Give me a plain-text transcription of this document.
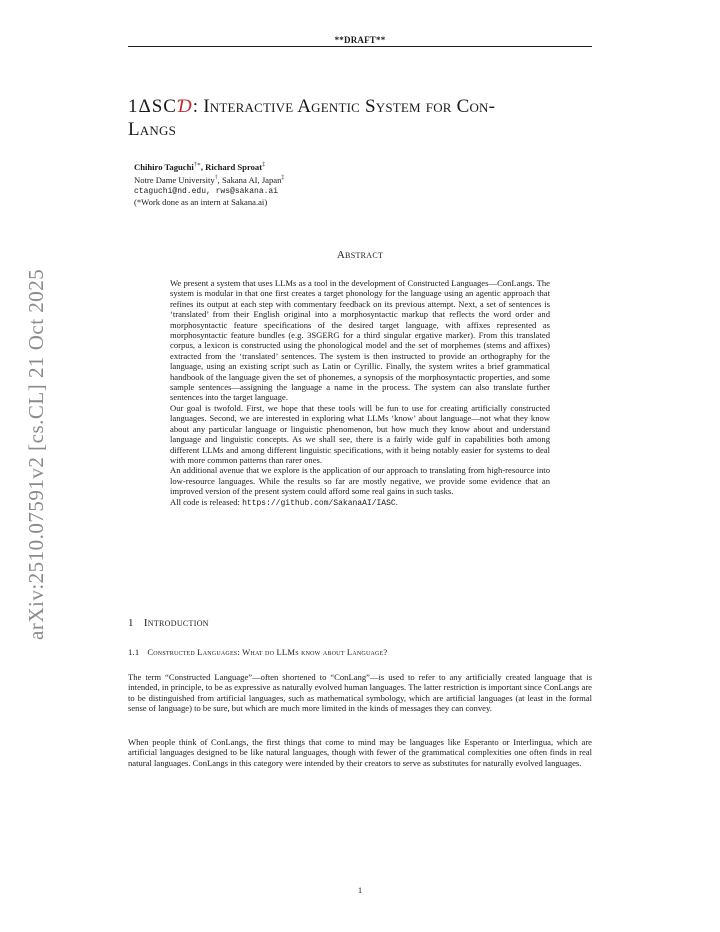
**DRAFT**
1ΔSCƊ: Interactive Agentic System for Con-
Langs
Chihiro Taguchi†∗, Richard Sproat‡
Notre Dame University†, Sakana AI, Japan‡
ctaguchi@nd.edu, rws@sakana.ai
(*Work done as an intern at Sakana.ai)
Abstract

We present a system that uses LLMs as a tool in the development of Constructed Languages—ConLangs. The system is modular in that one first creates a target phonology for the language using an agentic approach that refines its output at each step with commentary feedback on its previous attempt. Next, a set of sentences is ‘translated’ from their English original into a morphosyntactic markup that reflects the word order and morphosyntactic feature specifications of the desired target language, with affixes represented as morphosyntactic feature bundles (e.g. 3SGERG for a third singular ergative marker). From this translated corpus, a lexicon is constructed using the phonological model and the set of morphemes (stems and affixes) extracted from the ‘translated’ sentences. The system is then instructed to provide an orthography for the language, using an existing script such as Latin or Cyrillic. Finally, the system writes a brief grammatical handbook of the language given the set of phonemes, a synopsis of the morphosyntactic properties, and some sample sentences—assigning the language a name in the process. The system can also translate further sentences into the target language.

Our goal is twofold. First, we hope that these tools will be fun to use for creating artificially constructed languages. Second, we are interested in exploring what LLMs ‘know’ about language—not what they know about any particular language or linguistic phenomenon, but how much they know about and understand language and linguistic concepts. As we shall see, there is a fairly wide gulf in capabilities both among different LLMs and among different linguistic specifications, with it being notably easier for systems to deal with more common patterns than rarer ones.

An additional avenue that we explore is the application of our approach to translating from high-resource into low-resource languages. While the results so far are mostly negative, we provide some evidence that an improved version of the present system could afford some real gains in such tasks.

All code is released: https://github.com/SakanaAI/IASC.

arXiv:2510.07591v2 [cs.CL] 21 Oct 2025	1 Introduction
1.1 Constructed Languages: What do LLMs know about Language?

The term “Constructed Language”—often shortened to “ConLang”—is used to refer to any artificially created language that is intended, in principle, to be as expressive as naturally evolved human languages. The latter restriction is important since ConLangs are to be distinguished from artificial languages, such as mathematical symbology, which are artificial languages (at least in the formal sense of language) to be sure, but which are much more limited in the kinds of messages they can convey.

When people think of ConLangs, the first things that come to mind may be languages like Esperanto or Interlingua, which are artificial languages designed to be like natural languages, though with fewer of the grammatical complexities one often finds in real natural languages. ConLangs in this category were intended by their creators to serve as substitutes for naturally evolved languages.

1
